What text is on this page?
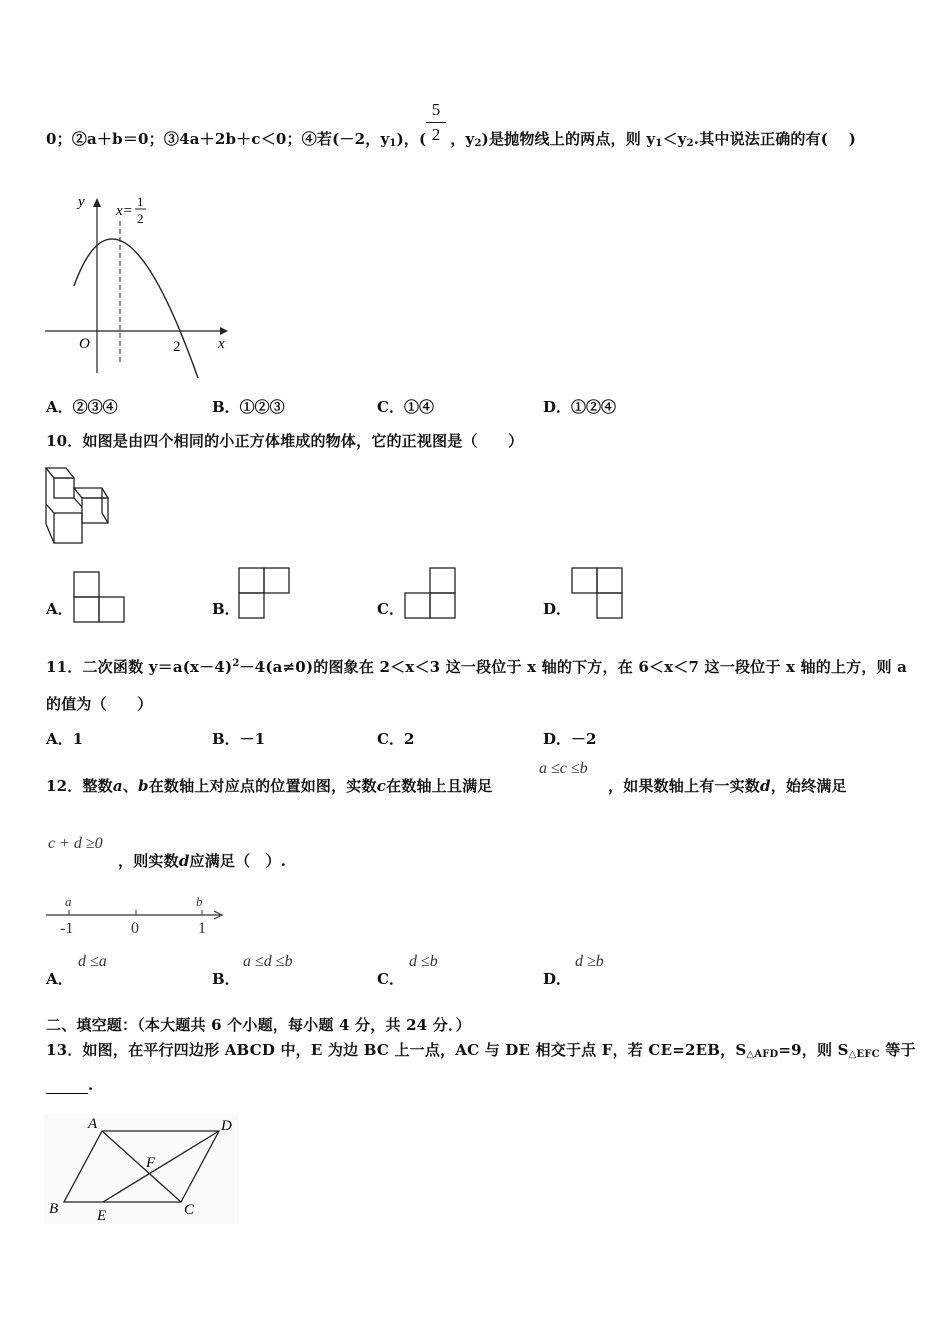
0；②a＋b＝0；③4a＋2b＋c＜0；④若(－2，$y_1$)，( ，$y_2$)是抛物线上的两点，则 $y_1<y_2$.其中说法正确的有(　 )
5
2
y
x
O	2
x=
1
2
A．②③④	B．①②③	C．①④	D．①②④
10．如图是由四个相同的小正方体堆成的物体，它的正视图是（　　）
A．	B．	C．	D．
11．二次函数 $y=a(x-4)^2-4(a\ne 0)$的图象在 2＜x＜3 这一段位于 x 轴的下方，在 6＜x＜7 这一段位于 x 轴的上方，则 a
的值为（　　）
A．1	B．－1	C．2	D．－2
12．整数a、b在数轴上对应点的位置如图，实数c在数轴上且满足
a ≤c ≤b
，如果数轴上有一实数d，始终满足
c + d ≥0
，则实数d应满足（　）.
a	b
-1	0	1
A．
d ≤a
B．
a ≤d ≤b
C．
d ≤b
D．
d ≥b
二、填空题：（本大题共 6 个小题，每小题 4 分，共 24 分．）
13．如图，在平行四边形 ABCD 中，E 为边 BC 上一点，AC 与 DE 相交于点 F，若 CE=2EB，$S_{\triangle AFD}=9$，则 $S_{\triangle EFC}$ 等于
.
A	D
F
B	E	C
